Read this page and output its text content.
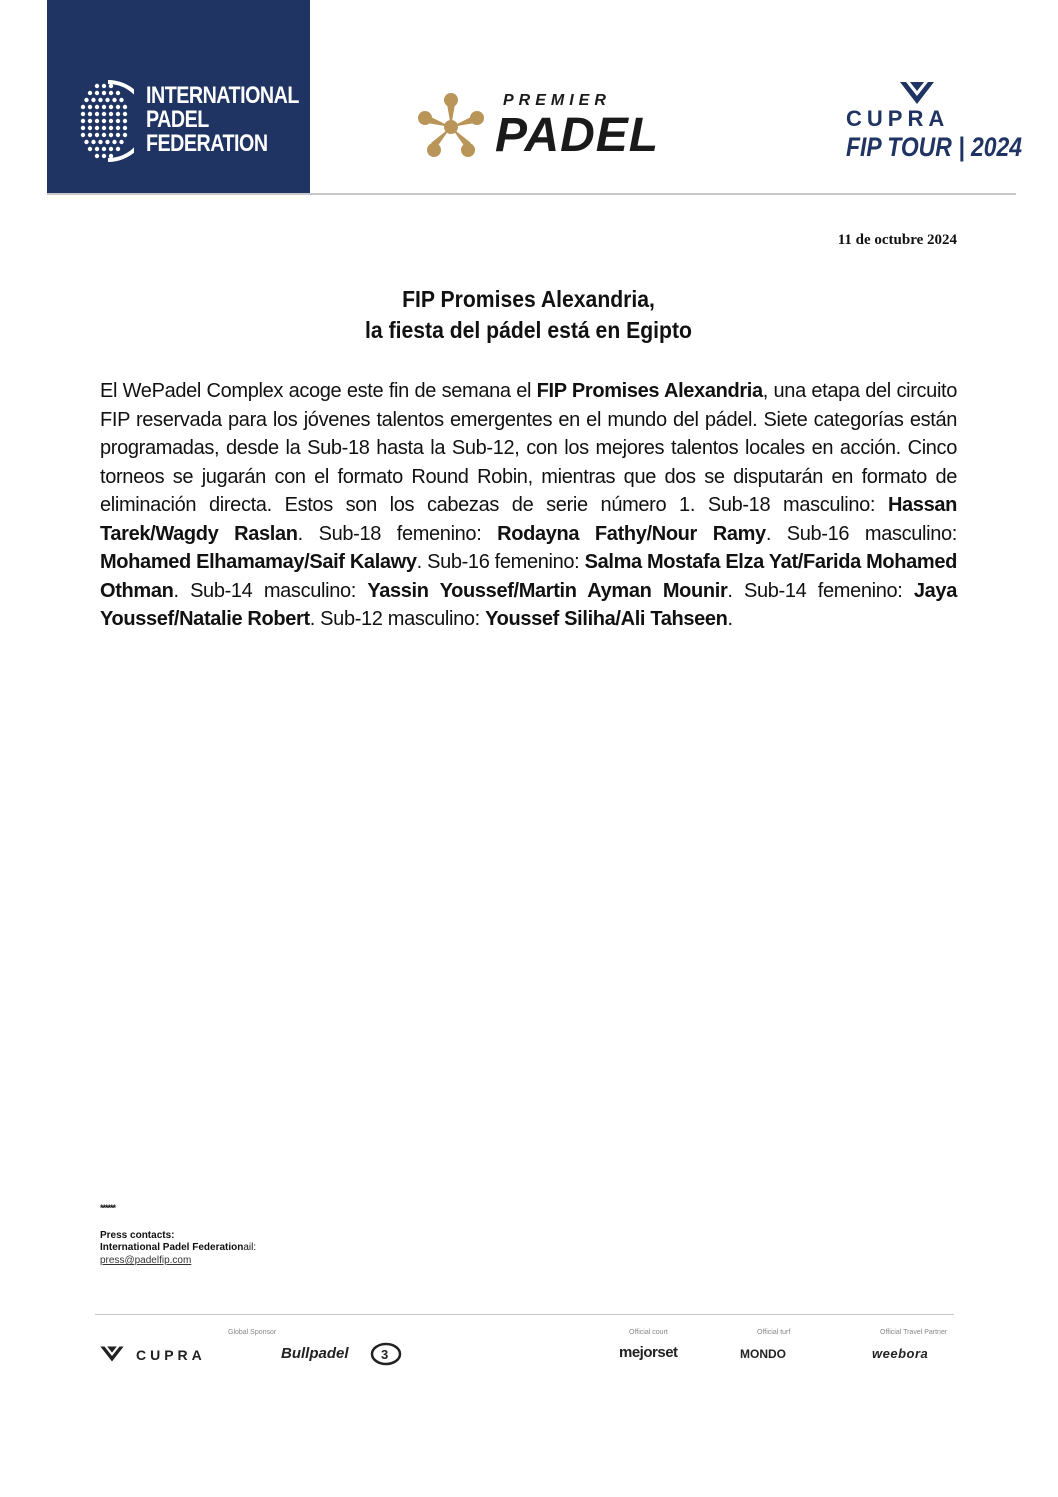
INTERNATIONAL
PADEL
FEDERATION
PREMIER
PADEL	CUPRA
FIP TOUR | 2024
11 de octubre 2024
FIP Promises Alexandria,
la fiesta del pádel está en Egipto
El WePadel Complex acoge este fin de semana el FIP Promises Alexandria, una etapa del circuito FIP reservada para los jóvenes talentos emergentes en el mundo del pádel. Siete categorías están programadas, desde la Sub-18 hasta la Sub-12, con los mejores talentos locales en acción. Cinco torneos se jugarán con el formato Round Robin, mientras que dos se disputarán en formato de eliminación directa. Estos son los cabezas de serie número 1. Sub-18 masculino: Hassan Tarek/Wagdy Raslan. Sub-18 femenino: Rodayna Fathy/Nour Ramy. Sub-16 masculino: Mohamed Elhamamay/Saif Kalawy. Sub-16 femenino: Salma Mostafa Elza Yat/Farida Mohamed Othman. Sub-14 masculino: Yassin Youssef/Martin Ayman Mounir. Sub-14 femenino: Jaya Youssef/Natalie Robert. Sub-12 masculino: Youssef Siliha/Ali Tahseen.
******
Press contacts:
International Padel Federationail:
press@padelfip.com
Global Sponsor	Official court	Official turf	Official Travel Partner
CUPRA	Bullpadel 3	mejorset	MONDO	weebora
